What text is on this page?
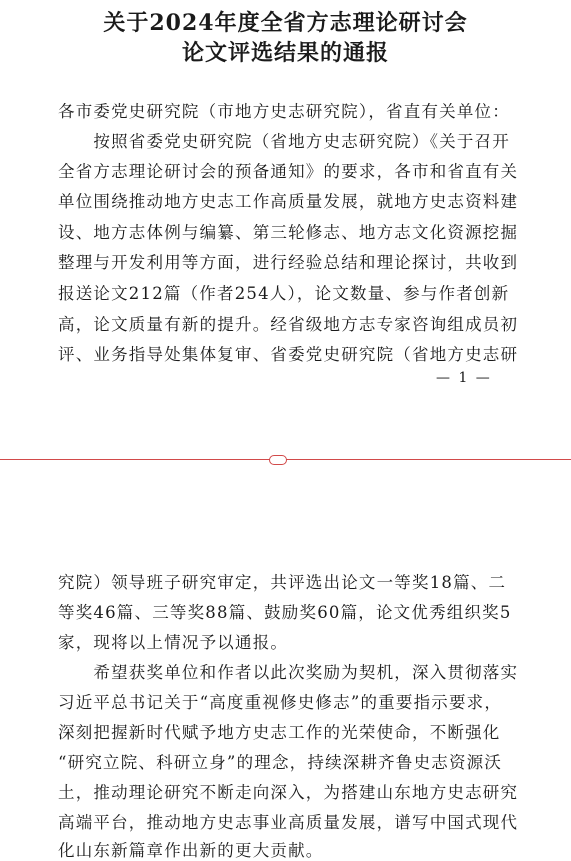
关于2024年度全省方志理论研讨会
论文评选结果的通报
各市委党史研究院（市地方史志研究院），省直有关单位：
　　按照省委党史研究院（省地方史志研究院）《关于召开
全省方志理论研讨会的预备通知》的要求，各市和省直有关
单位围绕推动地方史志工作高质量发展，就地方史志资料建
设、地方志体例与编纂、第三轮修志、地方志文化资源挖掘
整理与开发利用等方面，进行经验总结和理论探讨，共收到
报送论文212篇（作者254人），论文数量、参与作者创新
高，论文质量有新的提升。经省级地方志专家咨询组成员初
评、业务指导处集体复审、省委党史研究院（省地方史志研
— 1 —
究院）领导班子研究审定，共评选出论文一等奖18篇、二
等奖46篇、三等奖88篇、鼓励奖60篇，论文优秀组织奖5
家，现将以上情况予以通报。
　　希望获奖单位和作者以此次奖励为契机，深入贯彻落实
习近平总书记关于“高度重视修史修志”的重要指示要求，
深刻把握新时代赋予地方史志工作的光荣使命，不断强化
“研究立院、科研立身”的理念，持续深耕齐鲁史志资源沃
土，推动理论研究不断走向深入，为搭建山东地方史志研究
高端平台，推动地方史志事业高质量发展，谱写中国式现代
化山东新篇章作出新的更大贡献。
